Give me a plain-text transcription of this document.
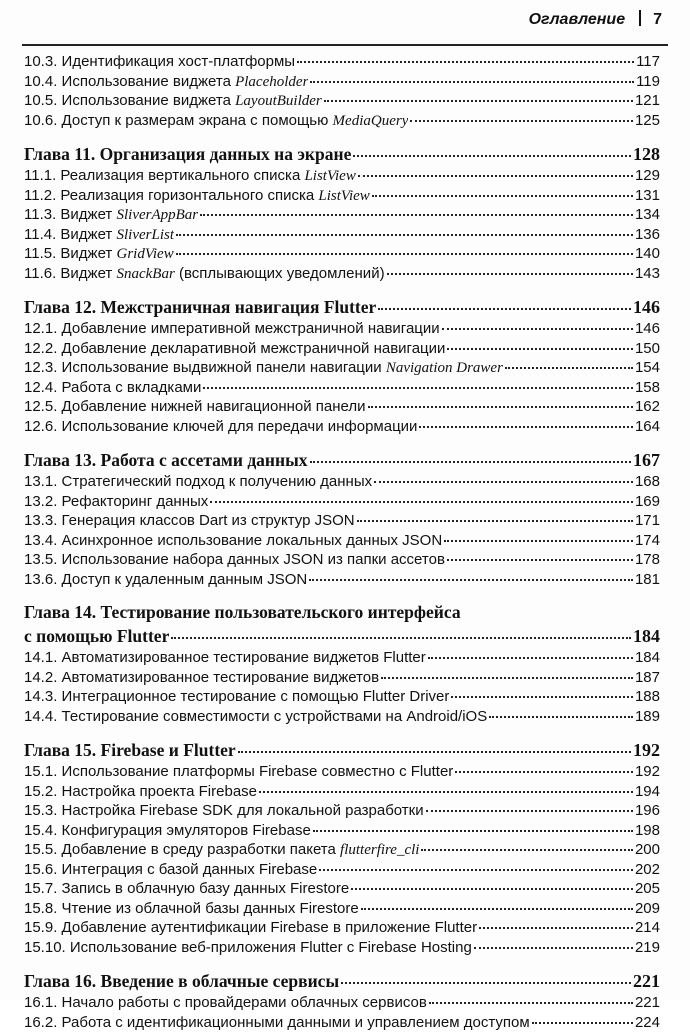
Оглавление 7
10.3. Идентификация хост-платформы	117
10.4. Использование виджета Placeholder	119
10.5. Использование виджета LayoutBuilder	121
10.6. Доступ к размерам экрана с помощью MediaQuery	125
Глава 11. Организация данных на экране	128
11.1. Реализация вертикального списка ListView	129
11.2. Реализация горизонтального списка ListView	131
11.3. Виджет SliverAppBar	134
11.4. Виджет SliverList	136
11.5. Виджет GridView	140
11.6. Виджет SnackBar (всплывающих уведомлений)	143
Глава 12. Межстраничная навигация Flutter	146
12.1. Добавление императивной межстраничной навигации	146
12.2. Добавление декларативной межстраничной навигации	150
12.3. Использование выдвижной панели навигации Navigation Drawer	154
12.4. Работа с вкладками	158
12.5. Добавление нижней навигационной панели	162
12.6. Использование ключей для передачи информации	164
Глава 13. Работа с ассетами данных	167
13.1. Стратегический подход к получению данных	168
13.2. Рефакторинг данных	169
13.3. Генерация классов Dart из структур JSON	171
13.4. Асинхронное использование локальных данных JSON	174
13.5. Использование набора данных JSON из папки ассетов	178
13.6. Доступ к удаленным данным JSON	181
Глава 14. Тестирование пользовательского интерфейса
с помощью Flutter	184
14.1. Автоматизированное тестирование виджетов Flutter	184
14.2. Автоматизированное тестирование виджетов	187
14.3. Интеграционное тестирование с помощью Flutter Driver	188
14.4. Тестирование совместимости с устройствами на Android/iOS	189
Глава 15. Firebase и Flutter	192
15.1. Использование платформы Firebase совместно с Flutter	192
15.2. Настройка проекта Firebase	194
15.3. Настройка Firebase SDK для локальной разработки	196
15.4. Конфигурация эмуляторов Firebase	198
15.5. Добавление в среду разработки пакета flutterfire_cli	200
15.6. Интеграция с базой данных Firebase	202
15.7. Запись в облачную базу данных Firestore	205
15.8. Чтение из облачной базы данных Firestore	209
15.9. Добавление аутентификации Firebase в приложение Flutter	214
15.10. Использование веб-приложения Flutter с Firebase Hosting	219
Глава 16. Введение в облачные сервисы	221
16.1. Начало работы с провайдерами облачных сервисов	221
16.2. Работа с идентификационными данными и управлением доступом	224
